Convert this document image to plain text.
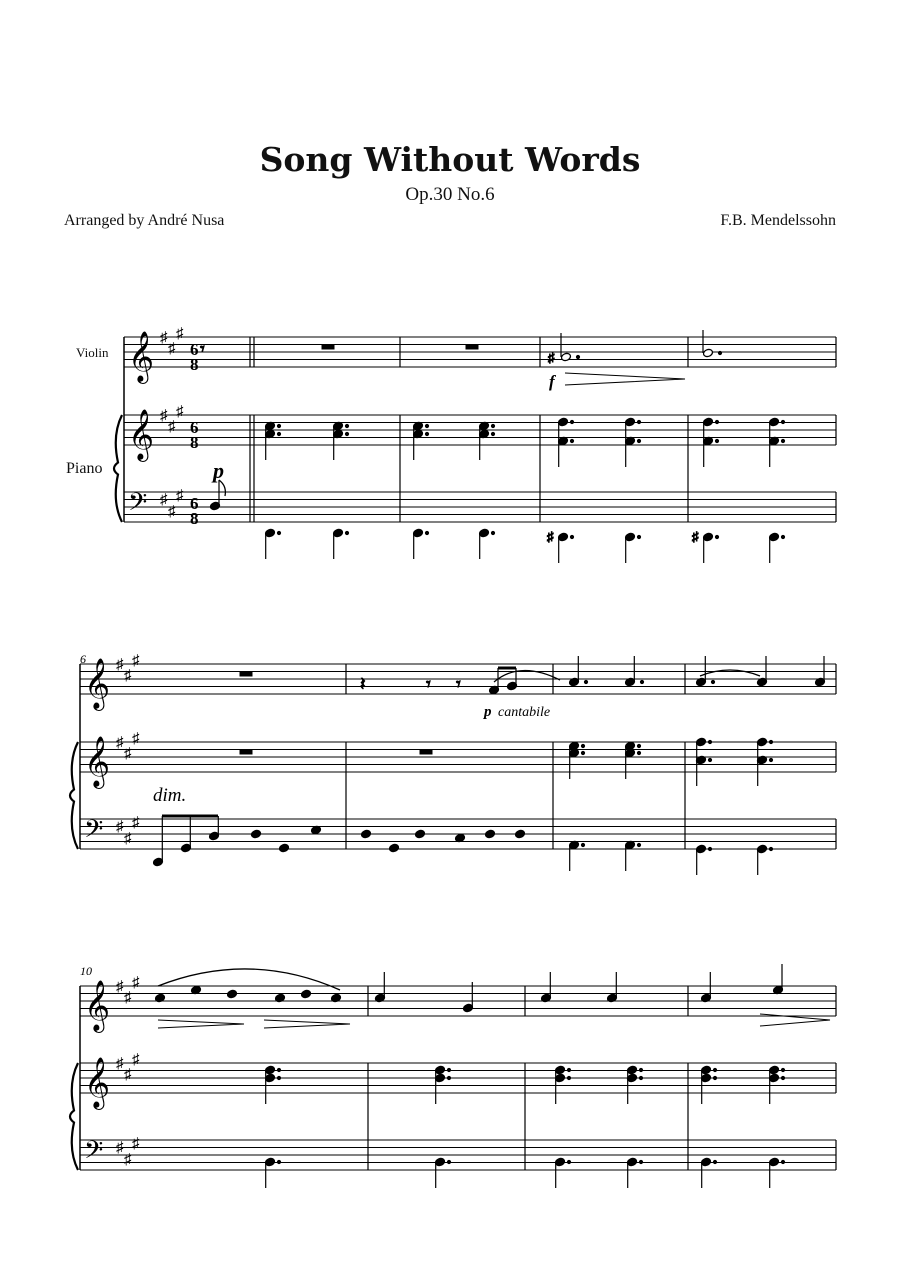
Song Without Words
Op.30 No.6
Arranged by André Nusa	F.B. Mendelssohn
Violin
Piano
𝄞
𝄞
𝄢
𝄞
𝄞
𝄢
𝄞
𝄞
𝄢
♯
♯
♯
♯
♯
♯
♯
♯
♯
♯
♯
♯
♯
♯
♯
♯
♯
♯
♯
♯
♯
♯
♯
♯
♯
♯
♯
𝄾	♯
♯	♯
𝄽	𝄾 𝄾
6
8
6
8
6
8
6
10
p
f
dim.
p cantabile
